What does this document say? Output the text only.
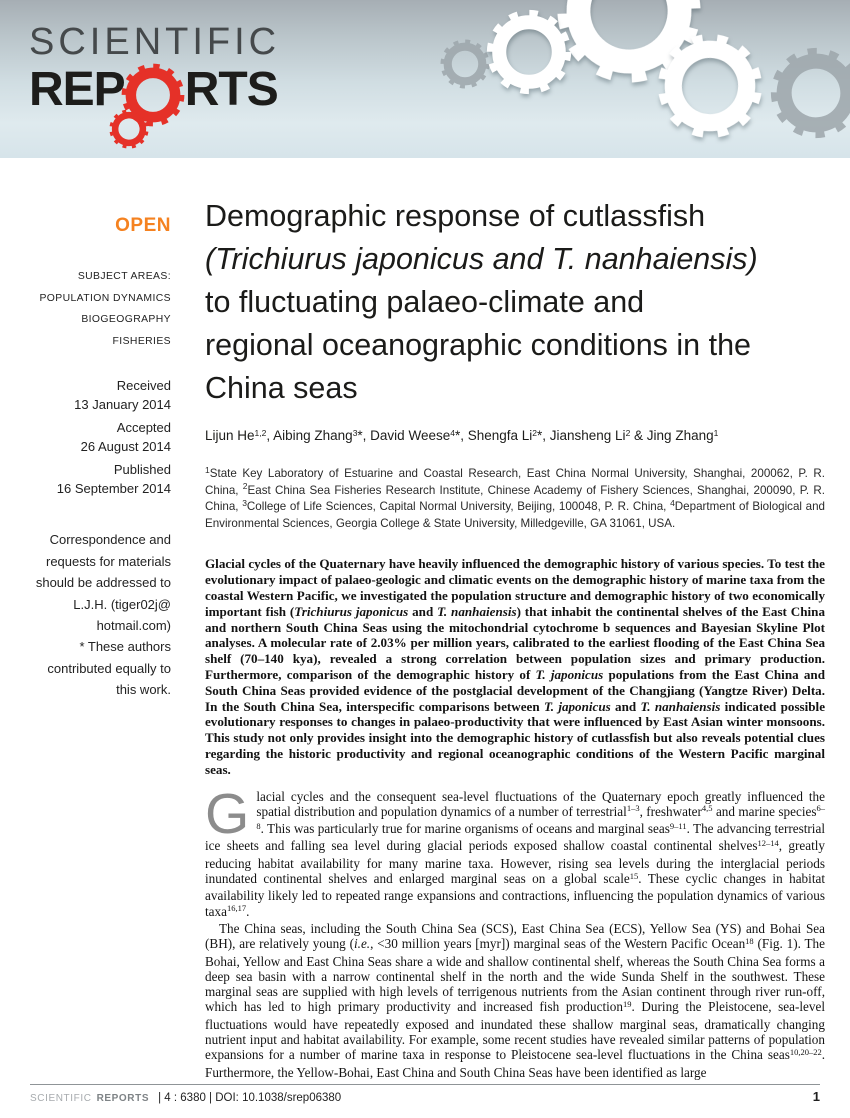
SCIENTIFIC
REP RTS
OPEN
SUBJECT AREAS:
POPULATION DYNAMICS
BIOGEOGRAPHY
FISHERIES
Received
13 January 2014
Accepted
26 August 2014
Published
16 September 2014
Correspondence and requests for materials should be addressed to L.J.H. (tiger02j@ hotmail.com)
* These authors contributed equally to this work.
Demographic response of cutlassfish
(Trichiurus japonicus and T. nanhaiensis)
to fluctuating palaeo-climate and
regional oceanographic conditions in the
China seas
Lijun He$^{1,2}$, Aibing Zhang$^3$*, David Weese$^4$*, Shengfa Li$^2$*, Jiansheng Li$^2$ & Jing Zhang$^1$
$^1$State Key Laboratory of Estuarine and Coastal Research, East China Normal University, Shanghai, 200062, P. R. China, $^2$East China Sea Fisheries Research Institute, Chinese Academy of Fishery Sciences, Shanghai, 200090, P. R. China, $^3$College of Life Sciences, Capital Normal University, Beijing, 100048, P. R. China, $^4$Department of Biological and Environmental Sciences, Georgia College & State University, Milledgeville, GA 31061, USA.
Glacial cycles of the Quaternary have heavily influenced the demographic history of various species. To test the evolutionary impact of palaeo-geologic and climatic events on the demographic history of marine taxa from the coastal Western Pacific, we investigated the population structure and demographic history of two economically important fish (Trichiurus japonicus and T. nanhaiensis) that inhabit the continental shelves of the East China and northern South China Seas using the mitochondrial cytochrome b sequences and Bayesian Skyline Plot analyses. A molecular rate of 2.03% per million years, calibrated to the earliest flooding of the East China Sea shelf (70–140 kya), revealed a strong correlation between population sizes and primary production. Furthermore, comparison of the demographic history of T. japonicus populations from the East China and South China Seas provided evidence of the postglacial development of the Changjiang (Yangtze River) Delta. In the South China Sea, interspecific comparisons between T. japonicus and T. nanhaiensis indicated possible evolutionary responses to changes in palaeo-productivity that were influenced by East Asian winter monsoons. This study not only provides insight into the demographic history of cutlassfish but also reveals potential clues regarding the historic productivity and regional oceanographic conditions of the Western Pacific marginal seas.

Glacial cycles and the consequent sea-level fluctuations of the Quaternary epoch greatly influenced the spatial distribution and population dynamics of a number of terrestrial$^{1-3}$, freshwater$^{4,5}$ and marine species$^{6-8}$. This was particularly true for marine organisms of oceans and marginal seas$^{9-11}$. The advancing terrestrial ice sheets and falling sea level during glacial periods exposed shallow coastal continental shelves$^{12-14}$, greatly reducing habitat availability for many marine taxa. However, rising sea levels during the interglacial periods inundated continental shelves and enlarged marginal seas on a global scale$^{15}$. These cyclic changes in habitat availability likely led to repeated range expansions and contractions, influencing the population dynamics of various taxa$^{16,17}$.

The China seas, including the South China Sea (SCS), East China Sea (ECS), Yellow Sea (YS) and Bohai Sea (BH), are relatively young (i.e., <30 million years [myr]) marginal seas of the Western Pacific Ocean$^{18}$ (Fig. 1). The Bohai, Yellow and East China Seas share a wide and shallow continental shelf, whereas the South China Sea forms a deep sea basin with a narrow continental shelf in the north and the wide Sunda Shelf in the southwest. These marginal seas are supplied with high levels of terrigenous nutrients from the Asian continent through river run-off, which has led to high primary productivity and increased fish production$^{19}$. During the Pleistocene, sea-level fluctuations would have repeatedly exposed and inundated these shallow marginal seas, dramatically changing nutrient input and habitat availability. For example, some recent studies have revealed similar patterns of population expansions for a number of marine taxa in response to Pleistocene sea-level fluctuations in the China seas$^{10,20-22}$. Furthermore, the Yellow-Bohai, East China and South China Seas have been identified as large

SCIENTIFIC REPORTS | 4 : 6380 | DOI: 10.1038/srep06380	1
